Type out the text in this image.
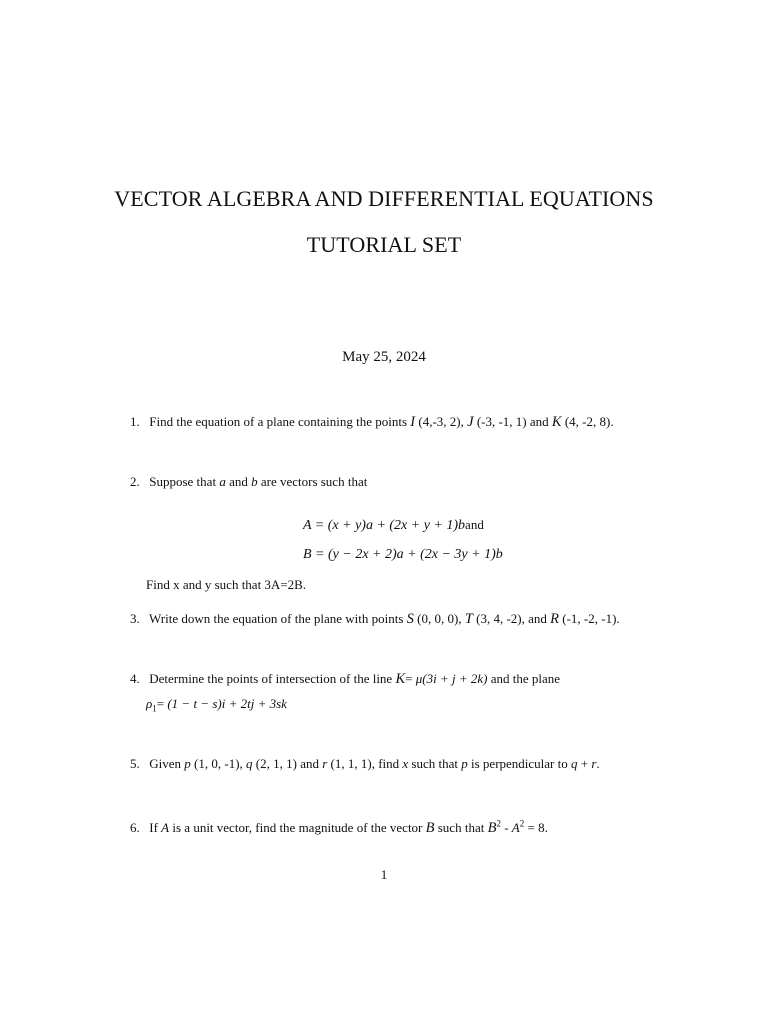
VECTOR ALGEBRA AND DIFFERENTIAL EQUATIONS
TUTORIAL SET
May 25, 2024
1. Find the equation of a plane containing the points I (4,-3, 2), J (-3, -1, 1) and K (4, -2, 8).
2. Suppose that a and b are vectors such that
A = (x + y)a + (2x + y + 1)band
B = (y − 2x + 2)a + (2x − 3y + 1)b
Find x and y such that 3A=2B.
3. Write down the equation of the plane with points S (0, 0, 0), T (3, 4, -2), and R (-1, -2, -1).
4. Determine the points of intersection of the line K= μ(3i + j + 2k) and the plane
$\rho_1= (1 - t - s)i + 2tj + 3sk$
5. Given p (1, 0, -1), q (2, 1, 1) and r (1, 1, 1), find x such that p is perpendicular to q + r.
6. If A is a unit vector, find the magnitude of the vector B such that $B^2 - A^2 = 8$.
1
